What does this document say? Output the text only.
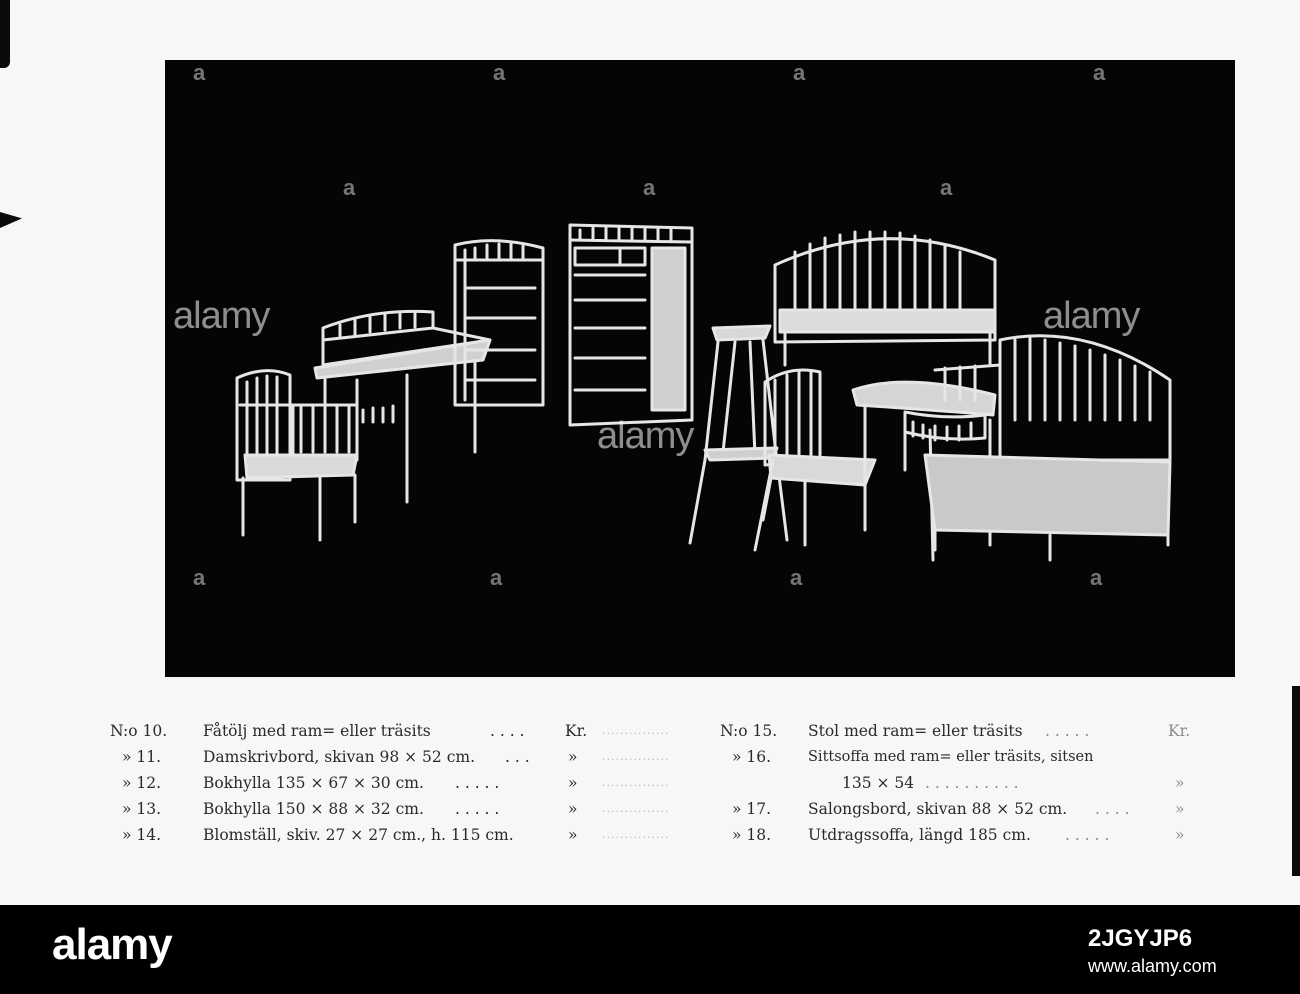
alamy
alamy	alamy
a	a	a	a
a	a	a
a	a	a	a
N:o 10. Fåtölj med ram= eller träsits	. . . .	Kr. ...............
» 11.	Damskrivbord, skivan 98 × 52 cm. . . . » ...............
» 12.	Bokhylla 135 × 67 × 30 cm. . . . . .	» ...............
» 13.	Bokhylla 150 × 88 × 32 cm. . . . . .	» ...............
» 14.	Blomställ, skiv. 27 × 27 cm., h. 115 cm.	» ...............
N:o 15. Stol med ram= eller träsits . . . . .	Kr.
» 16.	Sittsoffa med ram= eller träsits, sitsen
135 × 54 . . . . . . . . . .	»
» 17. Salongsbord, skivan 88 × 52 cm. . . . .	»
» 18. Utdragssoffa, längd 185 cm. . . . . .	»
alamy	2JGYJP6
www.alamy.com
